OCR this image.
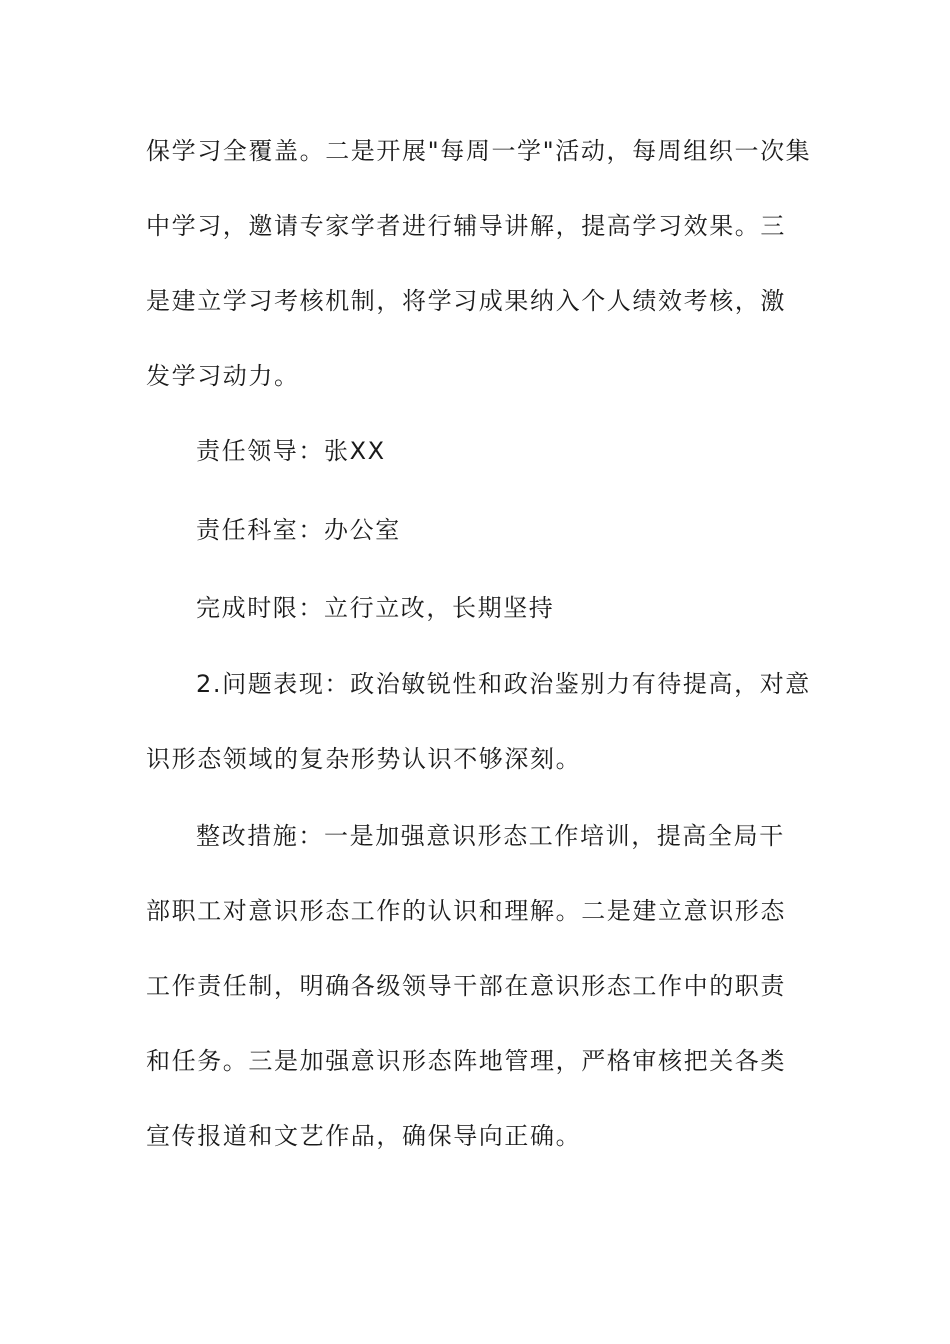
保学习全覆盖。二是开展"每周一学"活动，每周组织一次集
中学习，邀请专家学者进行辅导讲解，提高学习效果。三
是建立学习考核机制，将学习成果纳入个人绩效考核，激
发学习动力。
责任领导：张XX
责任科室：办公室
完成时限：立行立改，长期坚持
2.问题表现：政治敏锐性和政治鉴别力有待提高，对意
识形态领域的复杂形势认识不够深刻。
整改措施：一是加强意识形态工作培训，提高全局干
部职工对意识形态工作的认识和理解。二是建立意识形态
工作责任制，明确各级领导干部在意识形态工作中的职责
和任务。三是加强意识形态阵地管理，严格审核把关各类
宣传报道和文艺作品，确保导向正确。
